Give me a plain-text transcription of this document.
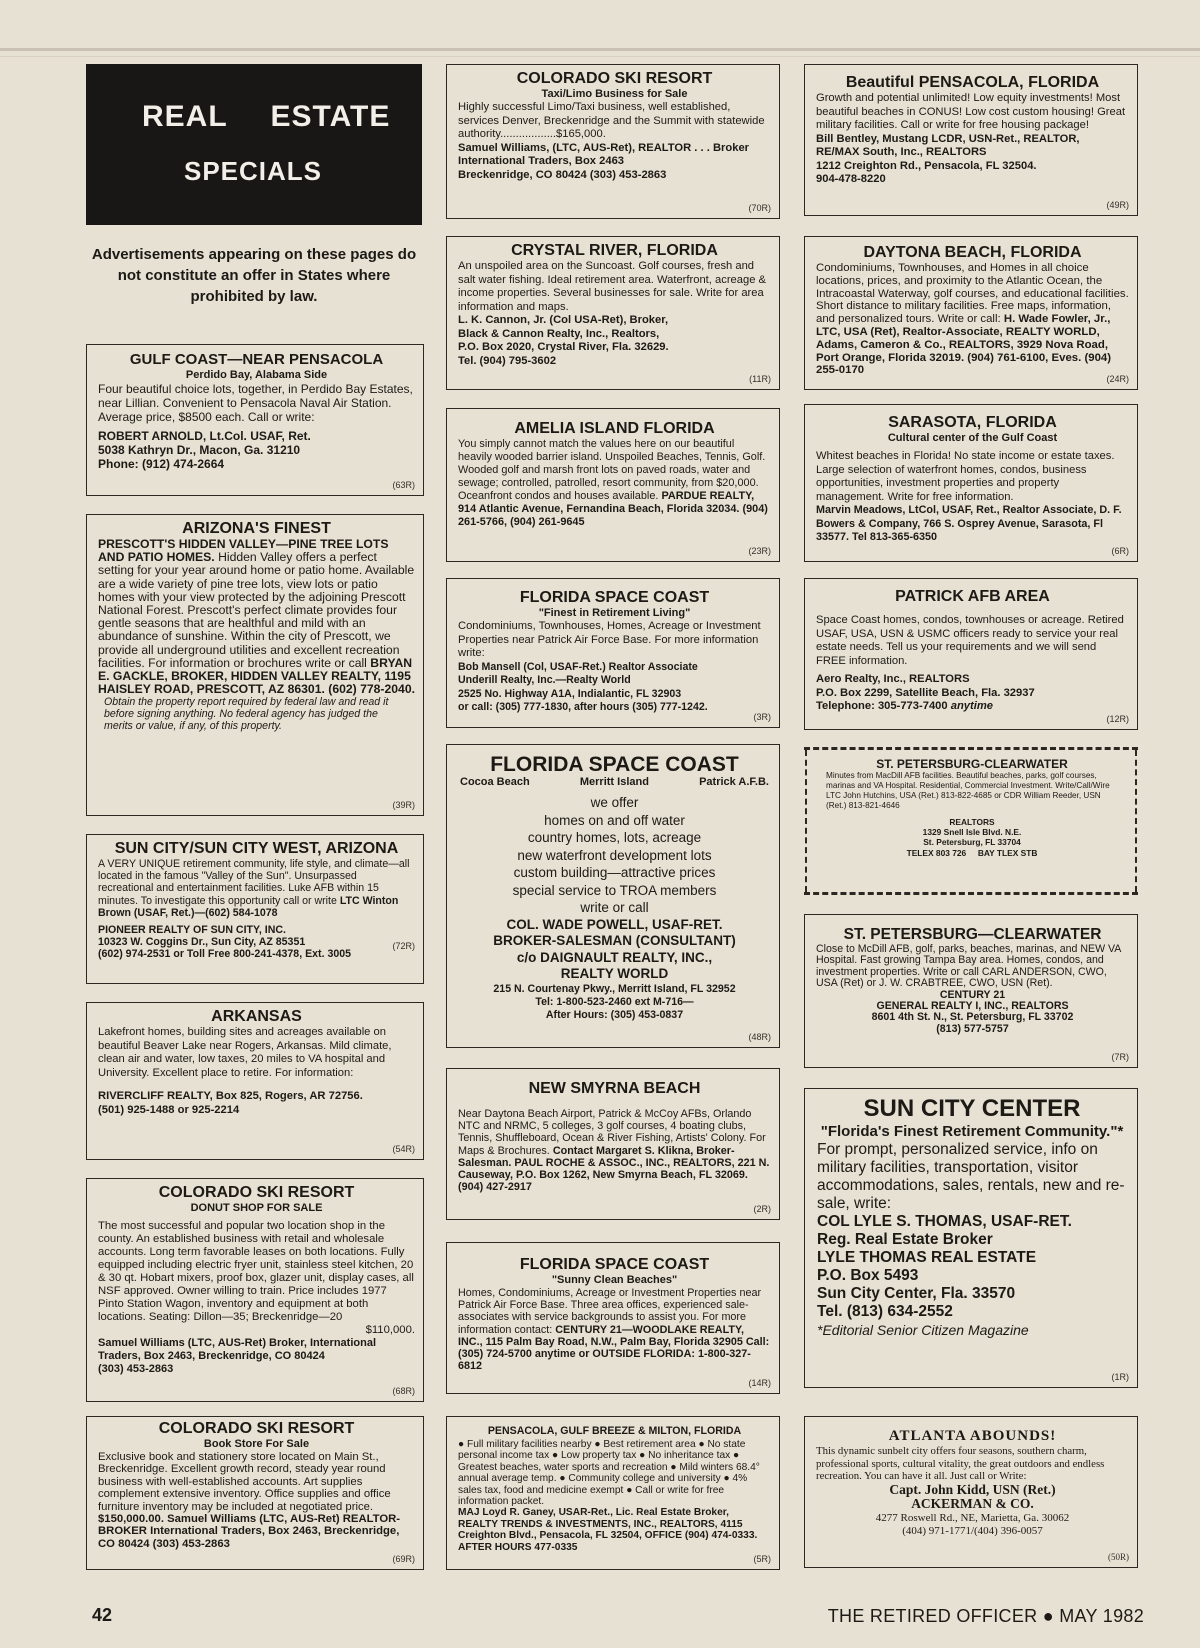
REAL ESTATE
SPECIALS
Advertisements appearing on these pages do not constitute an offer in States where prohibited by law.
GULF COAST—NEAR PENSACOLA
Perdido Bay, Alabama Side

Four beautiful choice lots, together, in Perdido Bay Estates, near Lillian. Convenient to Pensacola Naval Air Station. Average price, $8500 each. Call or write:

ROBERT ARNOLD, Lt.Col. USAF, Ret.

5038 Kathryn Dr., Macon, Ga. 31210

Phone: (912) 474-2664

(63R)
ARIZONA'S FINEST

PRESCOTT'S HIDDEN VALLEY—PINE TREE LOTS AND PATIO HOMES. Hidden Valley offers a perfect setting for your year around home or patio home. Available are a wide variety of pine tree lots, view lots or patio homes with your view protected by the adjoining Prescott National Forest. Prescott's perfect climate provides four gentle seasons that are healthful and mild with an abundance of sunshine. Within the city of Prescott, we provide all underground utilities and excellent recreation facilities. For information or brochures write or call BRYAN E. GACKLE, BROKER, HIDDEN VALLEY REALTY, 1195 HAISLEY ROAD, PRESCOTT, AZ 86301. (602) 778-2040.

Obtain the property report required by federal law and read it before signing anything. No federal agency has judged the merits or value, if any, of this property.

(39R)
SUN CITY/SUN CITY WEST, ARIZONA

A VERY UNIQUE retirement community, life style, and climate—all located in the famous "Valley of the Sun". Unsurpassed recreational and entertainment facilities. Luke AFB within 15 minutes. To investigate this opportunity call or write LTC Winton Brown (USAF, Ret.)—(602) 584-1078

PIONEER REALTY OF SUN CITY, INC.

10323 W. Coggins Dr., Sun City, AZ 85351

(602) 974-2531 or Toll Free 800-241-4378, Ext. 3005

(72R)
ARKANSAS

Lakefront homes, building sites and acreages available on beautiful Beaver Lake near Rogers, Arkansas. Mild climate, clean air and water, low taxes, 20 miles to VA hospital and University. Excellent place to retire. For information:

RIVERCLIFF REALTY, Box 825, Rogers, AR 72756.

(501) 925-1488 or 925-2214

(54R)
COLORADO SKI RESORT
DONUT SHOP FOR SALE

The most successful and popular two location shop in the county. An established business with retail and wholesale accounts. Long term favorable leases on both locations. Fully equipped including electric fryer unit, stainless steel kitchen, 20 & 30 qt. Hobart mixers, proof box, glazer unit, display cases, all NSF approved. Owner willing to train. Price includes 1977 Pinto Station Wagon, inventory and equipment at both locations. Seating: Dillon—35; Breckenridge—20

$110,000.

Samuel Williams (LTC, AUS-Ret) Broker, International Traders, Box 2463, Breckenridge, CO 80424

(303) 453-2863

(68R)
COLORADO SKI RESORT
Book Store For Sale

Exclusive book and stationery store located on Main St., Breckenridge. Excellent growth record, steady year round business with well-established accounts. Art supplies complement extensive inventory. Office supplies and office furniture inventory may be included at negotiated price. $150,000.00. Samuel Williams (LTC, AUS-Ret) REALTOR-BROKER International Traders, Box 2463, Breckenridge, CO 80424 (303) 453-2863

(69R)
COLORADO SKI RESORT
Taxi/Limo Business for Sale

Highly successful Limo/Taxi business, well established, services Denver, Breckenridge and the Summit with statewide authority..................$165,000.

Samuel Williams, (LTC, AUS-Ret), REALTOR . . . Broker

International Traders, Box 2463

Breckenridge, CO 80424 (303) 453-2863

(70R)
CRYSTAL RIVER, FLORIDA

An unspoiled area on the Suncoast. Golf courses, fresh and salt water fishing. Ideal retirement area. Waterfront, acreage & income properties. Several businesses for sale. Write for area information and maps.

L. K. Cannon, Jr. (Col USA-Ret), Broker,

Black & Cannon Realty, Inc., Realtors,

P.O. Box 2020, Crystal River, Fla. 32629.

Tel. (904) 795-3602

(11R)
AMELIA ISLAND FLORIDA

You simply cannot match the values here on our beautiful heavily wooded barrier island. Unspoiled Beaches, Tennis, Golf. Wooded golf and marsh front lots on paved roads, water and sewage; controlled, patrolled, resort community, from $20,000. Oceanfront condos and houses available. PARDUE REALTY, 914 Atlantic Avenue, Fernandina Beach, Florida 32034. (904) 261-5766, (904) 261-9645

(23R)
FLORIDA SPACE COAST
"Finest in Retirement Living"

Condominiums, Townhouses, Homes, Acreage or Investment Properties near Patrick Air Force Base. For more information write:

Bob Mansell (Col, USAF-Ret.) Realtor Associate

Underill Realty, Inc.—Realty World

2525 No. Highway A1A, Indialantic, FL 32903

or call: (305) 777-1830, after hours (305) 777-1242.

(3R)
FLORIDA SPACE COAST
Cocoa Beach	Merritt Island	Patrick A.F.B.
we offer
homes on and off water
country homes, lots, acreage
new waterfront development lots
custom building—attractive prices
special service to TROA members
write or call
COL. WADE POWELL, USAF-RET.
BROKER-SALESMAN (CONSULTANT)
c/o DAIGNAULT REALTY, INC.,
REALTY WORLD
215 N. Courtenay Pkwy., Merritt Island, FL 32952
Tel: 1-800-523-2460 ext M-716—
After Hours: (305) 453-0837
(48R)
NEW SMYRNA BEACH

Near Daytona Beach Airport, Patrick & McCoy AFBs, Orlando NTC and NRMC, 5 colleges, 3 golf courses, 4 boating clubs, Tennis, Shuffleboard, Ocean & River Fishing, Artists' Colony. For Maps & Brochures. Contact Margaret S. Klikna, Broker-Salesman. PAUL ROCHE & ASSOC., INC., REALTORS, 221 N. Causeway, P.O. Box 1262, New Smyrna Beach, FL 32069. (904) 427-2917

(2R)
FLORIDA SPACE COAST
"Sunny Clean Beaches"

Homes, Condominiums, Acreage or Investment Properties near Patrick Air Force Base. Three area offices, experienced sale-associates with service backgrounds to assist you. For more information contact: CENTURY 21—WOODLAKE REALTY, INC., 115 Palm Bay Road, N.W., Palm Bay, Florida 32905 Call: (305) 724-5700 anytime or OUTSIDE FLORIDA: 1-800-327-6812

(14R)
PENSACOLA, GULF BREEZE & MILTON, FLORIDA

● Full military facilities nearby ● Best retirement area ● No state personal income tax ● Low property tax ● No inheritance tax ● Greatest beaches, water sports and recreation ● Mild winters 68.4° annual average temp. ● Community college and university ● 4% sales tax, food and medicine exempt ● Call or write for free information packet.

MAJ Loyd R. Ganey, USAR-Ret., Lic. Real Estate Broker, REALTY TRENDS & INVESTMENTS, INC., REALTORS, 4115 Creighton Blvd., Pensacola, FL 32504, OFFICE (904) 474-0333. AFTER HOURS 477-0335

(5R)
Beautiful PENSACOLA, FLORIDA

Growth and potential unlimited! Low equity investments! Most beautiful beaches in CONUS! Low cost custom housing! Great military facilities. Call or write for free housing package!

Bill Bentley, Mustang LCDR, USN-Ret., REALTOR,

RE/MAX South, Inc., REALTORS

1212 Creighton Rd., Pensacola, FL 32504.

904-478-8220

(49R)
DAYTONA BEACH, FLORIDA

Condominiums, Townhouses, and Homes in all choice locations, prices, and proximity to the Atlantic Ocean, the Intracoastal Waterway, golf courses, and educational facilities. Short distance to military facilities. Free maps, information, and personalized tours. Write or call: H. Wade Fowler, Jr., LTC, USA (Ret), Realtor-Associate, REALTY WORLD, Adams, Cameron & Co., REALTORS, 3929 Nova Road, Port Orange, Florida 32019. (904) 761-6100, Eves. (904) 255-0170

(24R)
SARASOTA, FLORIDA
Cultural center of the Gulf Coast

Whitest beaches in Florida! No state income or estate taxes. Large selection of waterfront homes, condos, business opportunities, investment properties and property management. Write for free information.

Marvin Meadows, LtCol, USAF, Ret., Realtor Associate, D. F. Bowers & Company, 766 S. Osprey Avenue, Sarasota, Fl 33577. Tel 813-365-6350

(6R)
PATRICK AFB AREA

Space Coast homes, condos, townhouses or acreage. Retired USAF, USA, USN & USMC officers ready to service your real estate needs. Tell us your requirements and we will send FREE information.

Aero Realty, Inc., REALTORS

P.O. Box 2299, Satellite Beach, Fla. 32937

Telephone: 305-773-7400 anytime

(12R)
ST. PETERSBURG-CLEARWATER

Minutes from MacDill AFB facilities. Beautiful beaches, parks, golf courses, marinas and VA Hospital. Residential, Commercial Investment. Write/Call/Wire LTC John Hutchins, USA (Ret.) 813-822-4685 or CDR William Reeder, USN (Ret.) 813-821-4646

REALTORS
1329 Snell Isle Blvd. N.E.
St. Petersburg, FL 33704
TELEX 803 726     BAY TLEX STB
ST. PETERSBURG—CLEARWATER

Close to McDill AFB, golf, parks, beaches, marinas, and NEW VA Hospital. Fast growing Tampa Bay area. Homes, condos, and investment properties. Write or call CARL ANDERSON, CWO, USA (Ret) or J. W. CRABTREE, CWO, USN (Ret).

CENTURY 21
GENERAL REALTY I, INC., REALTORS
8601 4th St. N., St. Petersburg, FL 33702
(813) 577-5757
(7R)
SUN CITY CENTER
"Florida's Finest Retirement Community."*

For prompt, personalized service, info on military facilities, transportation, visitor accommodations, sales, rentals, new and re-sale, write:

COL LYLE S. THOMAS, USAF-RET.

Reg. Real Estate Broker

LYLE THOMAS REAL ESTATE

P.O. Box 5493

Sun City Center, Fla. 33570

Tel. (813) 634-2552

*Editorial Senior Citizen Magazine

(1R)
ATLANTA ABOUNDS!

This dynamic sunbelt city offers four seasons, southern charm, professional sports, cultural vitality, the great outdoors and endless recreation. You can have it all. Just call or Write:

Capt. John Kidd, USN (Ret.)
ACKERMAN & CO.
4277 Roswell Rd., NE, Marietta, Ga. 30062
(404) 971-1771/(404) 396-0057
(50R)
42	THE RETIRED OFFICER ● MAY 1982
